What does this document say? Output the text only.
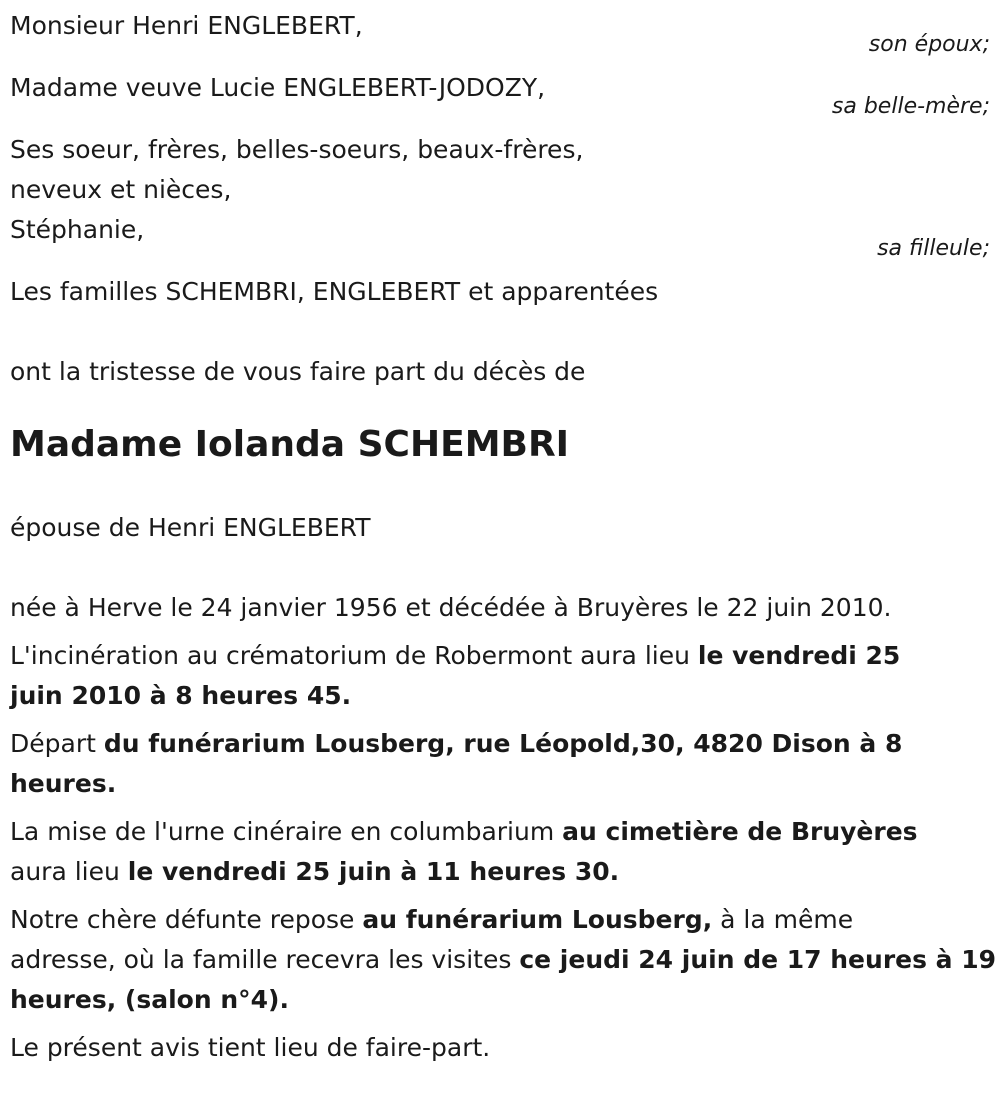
Monsieur Henri ENGLEBERT,
son époux;
Madame veuve Lucie ENGLEBERT-JODOZY,
sa belle-mère;
Ses soeur, frères, belles-soeurs, beaux-frères,
neveux et nièces,
Stéphanie,
sa filleule;
Les familles SCHEMBRI, ENGLEBERT et apparentées
ont la tristesse de vous faire part du décès de
Madame Iolanda SCHEMBRI
épouse de Henri ENGLEBERT
née à Herve le 24 janvier 1956 et décédée à Bruyères le 22 juin 2010.
L'incinération au crématorium de Robermont aura lieu le vendredi 25
juin 2010 à 8 heures 45.
Départ du funérarium Lousberg, rue Léopold,30, 4820 Dison à 8
heures.
La mise de l'urne cinéraire en columbarium au cimetière de Bruyères
aura lieu le vendredi 25 juin à 11 heures 30.
Notre chère défunte repose au funérarium Lousberg, à la même
adresse, où la famille recevra les visites ce jeudi 24 juin de 17 heures à 19
heures, (salon n°4).
Le présent avis tient lieu de faire-part.
